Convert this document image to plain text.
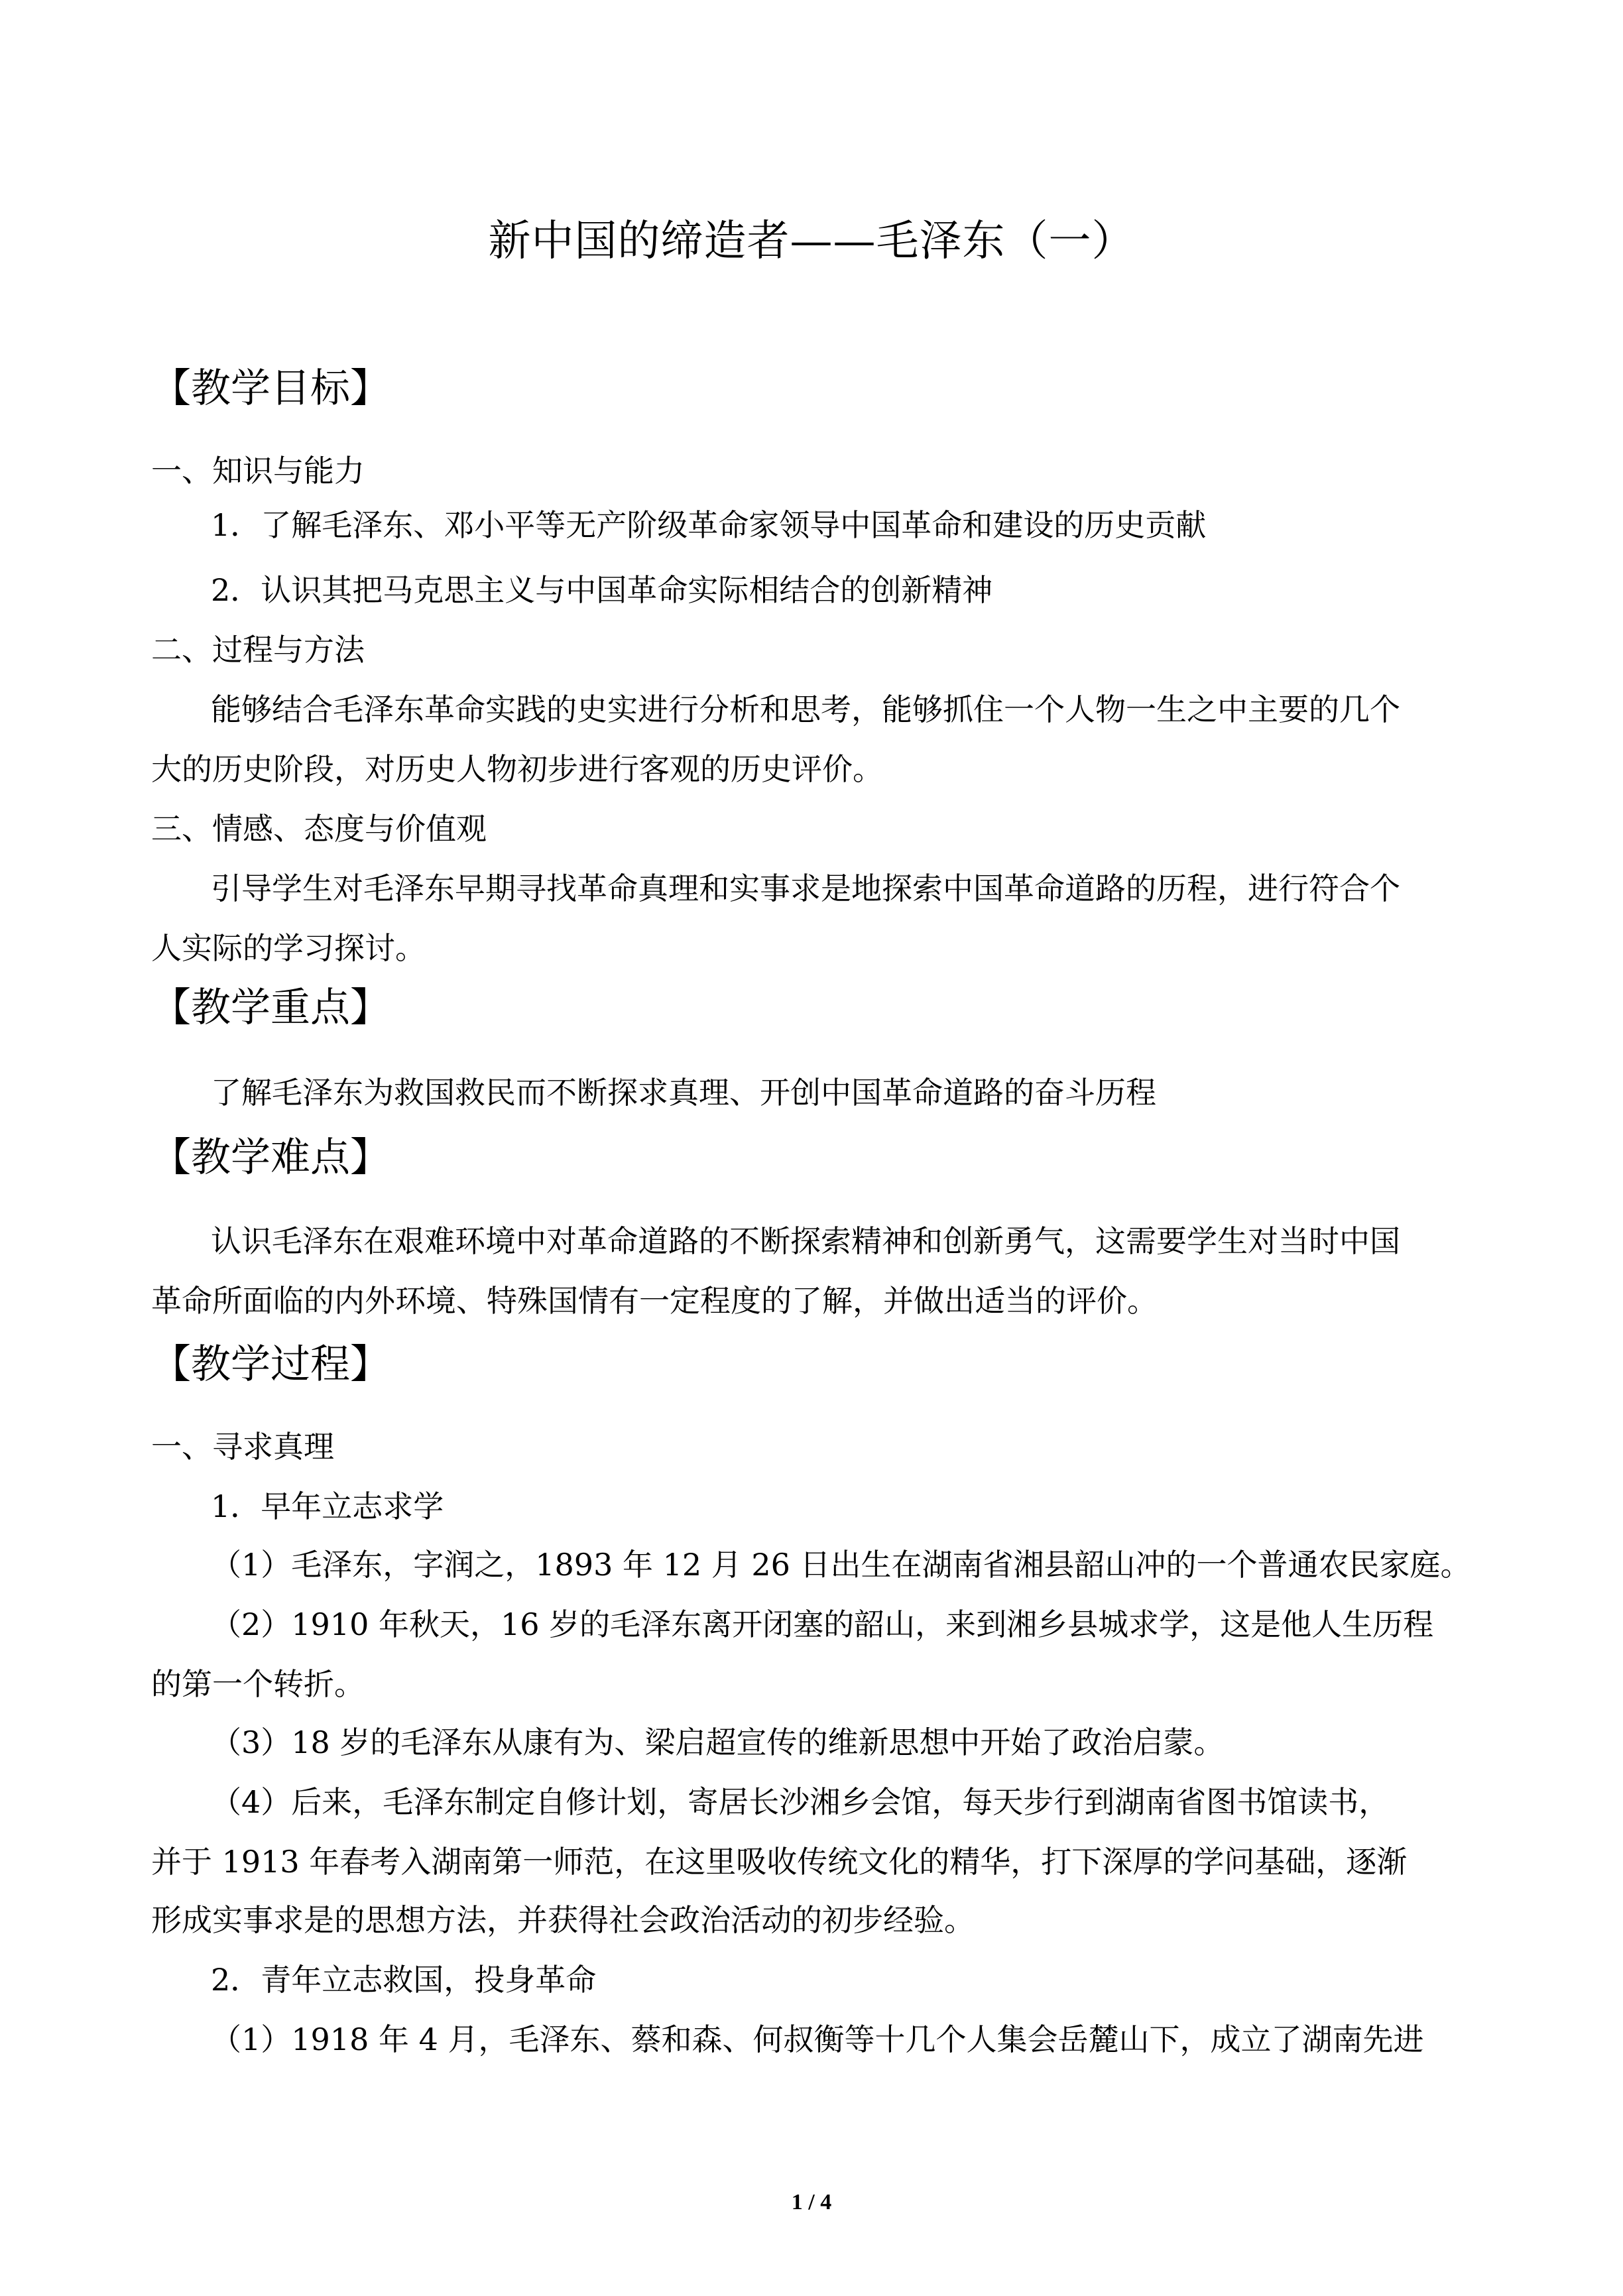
新中国的缔造者——毛泽东（一）
【教学目标】
一、知识与能力
1．了解毛泽东、邓小平等无产阶级革命家领导中国革命和建设的历史贡献
2．认识其把马克思主义与中国革命实际相结合的创新精神
二、过程与方法
能够结合毛泽东革命实践的史实进行分析和思考，能够抓住一个人物一生之中主要的几个
大的历史阶段，对历史人物初步进行客观的历史评价。
三、情感、态度与价值观
引导学生对毛泽东早期寻找革命真理和实事求是地探索中国革命道路的历程，进行符合个
人实际的学习探讨。
【教学重点】
了解毛泽东为救国救民而不断探求真理、开创中国革命道路的奋斗历程
【教学难点】
认识毛泽东在艰难环境中对革命道路的不断探索精神和创新勇气，这需要学生对当时中国
革命所面临的内外环境、特殊国情有一定程度的了解，并做出适当的评价。
【教学过程】
一、寻求真理
1．早年立志求学
（1）毛泽东，字润之，1893 年 12 月 26 日出生在湖南省湘县韶山冲的一个普通农民家庭。
（2）1910 年秋天，16 岁的毛泽东离开闭塞的韶山，来到湘乡县城求学，这是他人生历程
的第一个转折。
（3）18 岁的毛泽东从康有为、梁启超宣传的维新思想中开始了政治启蒙。
（4）后来，毛泽东制定自修计划，寄居长沙湘乡会馆，每天步行到湖南省图书馆读书，
并于 1913 年春考入湖南第一师范，在这里吸收传统文化的精华，打下深厚的学问基础，逐渐
形成实事求是的思想方法，并获得社会政治活动的初步经验。
2．青年立志救国，投身革命
（1）1918 年 4 月，毛泽东、蔡和森、何叔衡等十几个人集会岳麓山下，成立了湖南先进
1 / 4
